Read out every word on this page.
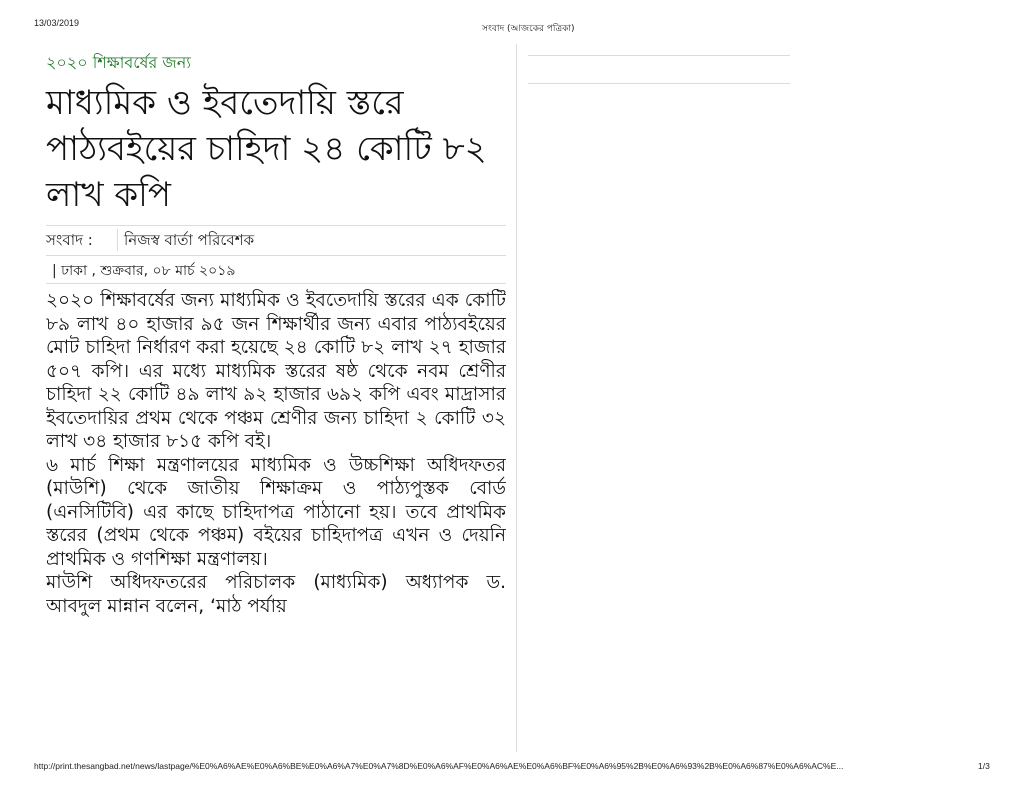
13/03/2019
সংবাদ (আজকের পত্রিকা)
২০২০ শিক্ষাবর্ষের জন্য
মাধ্যমিক ও ইবতেদায়ি স্তরে পাঠ্যবইয়ের চাহিদা ২৪ কোটি ৮২ লাখ কপি
সংবাদ : নিজস্ব বার্তা পরিবেশক
| ঢাকা , শুক্রবার, ০৮ মার্চ ২০১৯

২০২০ শিক্ষাবর্ষের জন্য মাধ্যমিক ও ইবতেদায়ি স্তরের এক কোটি ৮৯ লাখ ৪০ হাজার ৯৫ জন শিক্ষার্থীর জন্য এবার পাঠ্যবইয়ের মোট চাহিদা নির্ধারণ করা হয়েছে ২৪ কোটি ৮২ লাখ ২৭ হাজার ৫০৭ কপি। এর মধ্যে মাধ্যমিক স্তরের ষষ্ঠ থেকে নবম শ্রেণীর চাহিদা ২২ কোটি ৪৯ লাখ ৯২ হাজার ৬৯২ কপি এবং মাদ্রাসার ইবতেদায়ির প্রথম থেকে পঞ্চম শ্রেণীর জন্য চাহিদা ২ কোটি ৩২ লাখ ৩৪ হাজার ৮১৫ কপি বই।

৬ মার্চ শিক্ষা মন্ত্রণালয়ের মাধ্যমিক ও উচ্চশিক্ষা অধিদফতর (মাউশি) থেকে জাতীয় শিক্ষাক্রম ও পাঠ্যপুস্তক বোর্ড (এনসিটিবি) এর কাছে চাহিদাপত্র পাঠানো হয়। তবে প্রাথমিক স্তরের (প্রথম থেকে পঞ্চম) বইয়ের চাহিদাপত্র এখন ও দেয়নি প্রাথমিক ও গণশিক্ষা মন্ত্রণালয়।

মাউশি অধিদফতরের পরিচালক (মাধ্যমিক) অধ্যাপক ড. আবদুল মান্নান বলেন, ‘মাঠ পর্যায়

http://print.thesangbad.net/news/lastpage/%E0%A6%AE%E0%A6%BE%E0%A6%A7%E0%A7%8D%E0%A6%AF%E0%A6%AE%E0%A6%BF%E0%A6%95%2B%E0%A6%93%2B%E0%A6%87%E0%A6%AC%E...	1/3
